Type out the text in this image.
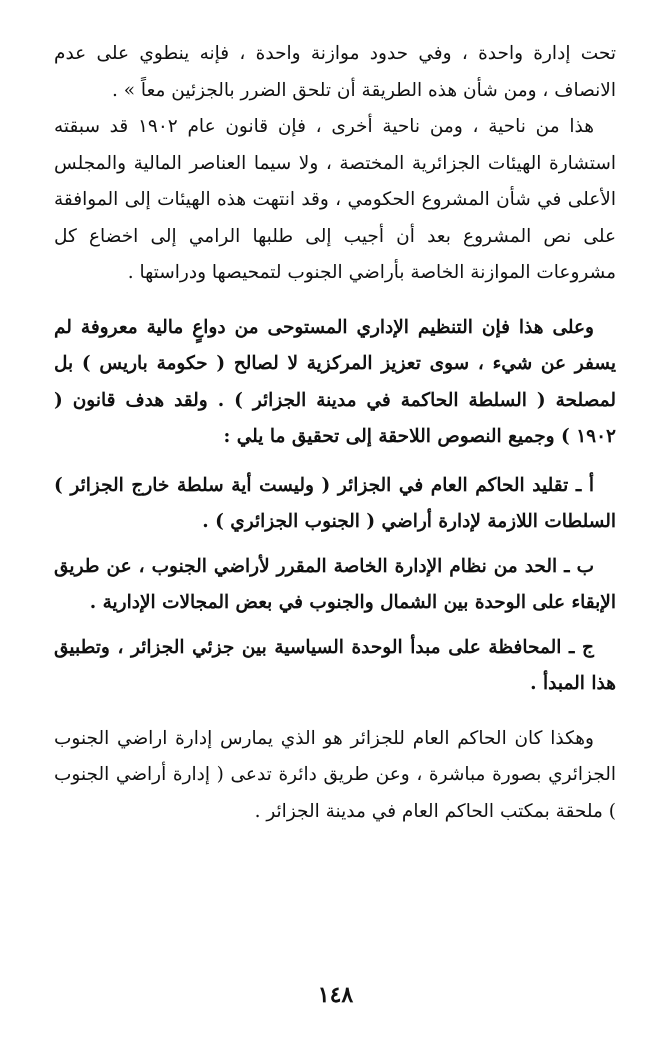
تحت إدارة واحدة ، وفي حدود موازنة واحدة ، فإنه ينطوي على عدم الانصاف ، ومن شأن هذه الطريقة أن تلحق الضرر بالجزئين معاً » .

هذا من ناحية ، ومن ناحية أخرى ، فإن قانون عام ١٩٠٢ قد سبقته استشارة الهيئات الجزائرية المختصة ، ولا سيما العناصر المالية والمجلس الأعلى في شأن المشروع الحكومي ، وقد انتهت هذه الهيئات إلى الموافقة على نص المشروع بعد أن أجيب إلى طلبها الرامي إلى اخضاع كل مشروعات الموازنة الخاصة بأراضي الجنوب لتمحيصها ودراستها .

وعلى هذا فإن التنظيم الإداري المستوحى من دواعٍ مالية معروفة لم يسفر عن شيء ، سوى تعزيز المركزية لا لصالح ( حكومة باريس ) بل لمصلحة ( السلطة الحاكمة في مدينة الجزائر ) . ولقد هدف قانون ( ١٩٠٢ ) وجميع النصوص اللاحقة إلى تحقيق ما يلي :

أ ـ تقليد الحاكم العام في الجزائر ( وليست أية سلطة خارج الجزائر ) السلطات اللازمة لإدارة أراضي ( الجنوب الجزائري ) .

ب ـ الحد من نظام الإدارة الخاصة المقرر لأراضي الجنوب ، عن طريق الإبقاء على الوحدة بين الشمال والجنوب في بعض المجالات الإدارية .

ج ـ المحافظة على مبدأ الوحدة السياسية بين جزئي الجزائر ، وتطبيق هذا المبدأ .

وهكذا كان الحاكم العام للجزائر هو الذي يمارس إدارة اراضي الجنوب الجزائري بصورة مباشرة ، وعن طريق دائرة تدعى ( إدارة أراضي الجنوب ) ملحقة بمكتب الحاكم العام في مدينة الجزائر .

١٤٨
